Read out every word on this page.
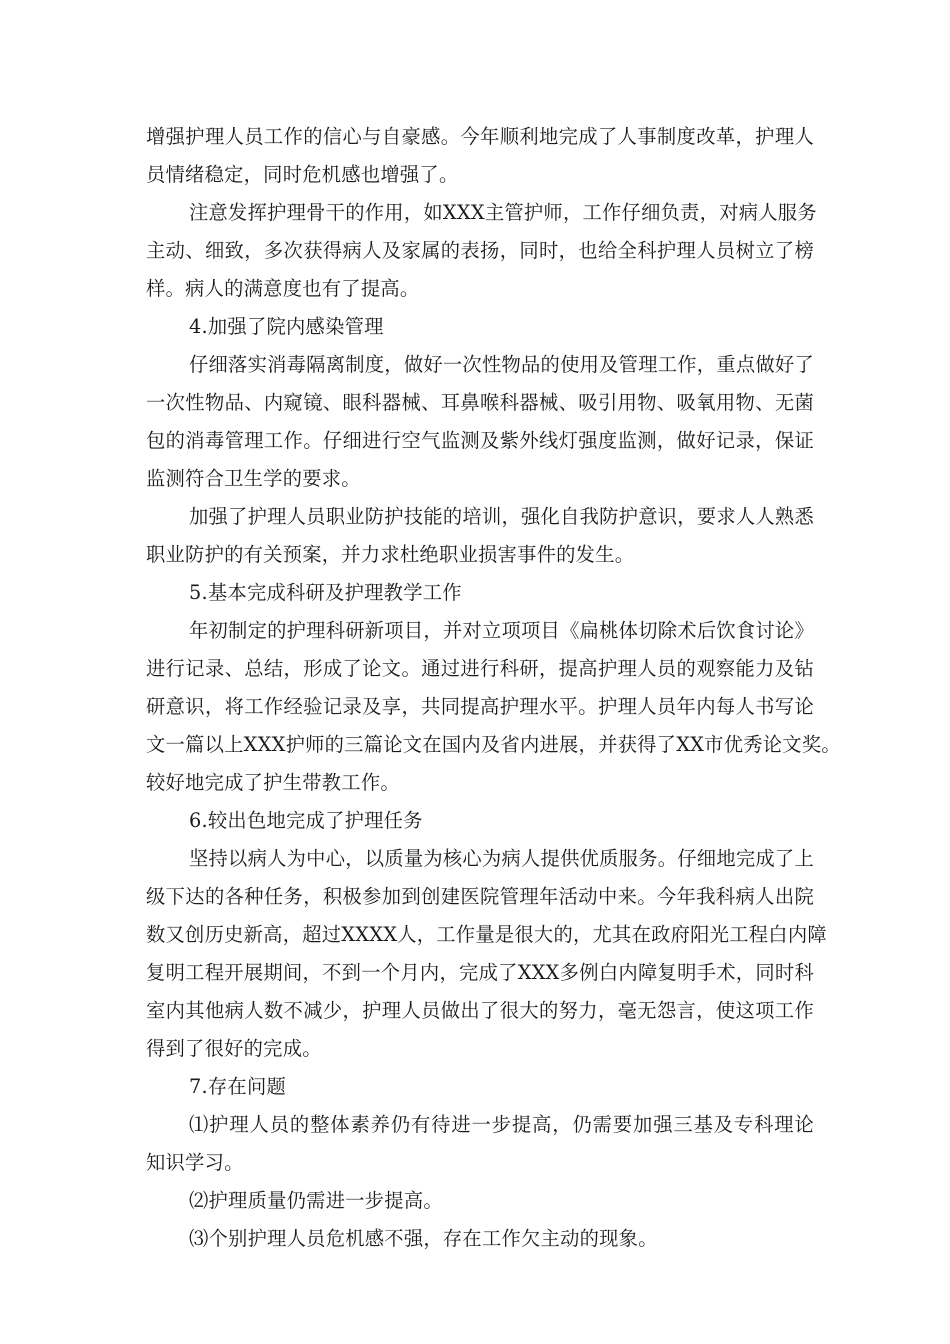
增强护理人员工作的信心与自豪感。今年顺利地完成了人事制度改革，护理人
员情绪稳定，同时危机感也增强了。
注意发挥护理骨干的作用，如XXX主管护师，工作仔细负责，对病人服务
主动、细致，多次获得病人及家属的表扬，同时，也给全科护理人员树立了榜
样。病人的满意度也有了提高。
4.加强了院内感染管理
仔细落实消毒隔离制度，做好一次性物品的使用及管理工作，重点做好了
一次性物品、内窥镜、眼科器械、耳鼻喉科器械、吸引用物、吸氧用物、无菌
包的消毒管理工作。仔细进行空气监测及紫外线灯强度监测，做好记录，保证
监测符合卫生学的要求。
加强了护理人员职业防护技能的培训，强化自我防护意识，要求人人熟悉
职业防护的有关预案，并力求杜绝职业损害事件的发生。
5.基本完成科研及护理教学工作
年初制定的护理科研新项目，并对立项项目《扁桃体切除术后饮食讨论》
进行记录、总结，形成了论文。通过进行科研，提高护理人员的观察能力及钻
研意识，将工作经验记录及享，共同提高护理水平。护理人员年内每人书写论
文一篇以上XXX护师的三篇论文在国内及省内进展，并获得了XX市优秀论文奖。
较好地完成了护生带教工作。
6.较出色地完成了护理任务
坚持以病人为中心，以质量为核心为病人提供优质服务。仔细地完成了上
级下达的各种任务，积极参加到创建医院管理年活动中来。今年我科病人出院
数又创历史新高，超过XXXX人，工作量是很大的，尤其在政府阳光工程白内障
复明工程开展期间，不到一个月内，完成了XXX多例白内障复明手术，同时科
室内其他病人数不减少，护理人员做出了很大的努力，毫无怨言，使这项工作
得到了很好的完成。
7.存在问题
⑴护理人员的整体素养仍有待进一步提高，仍需要加强三基及专科理论
知识学习。
⑵护理质量仍需进一步提高。
⑶个别护理人员危机感不强，存在工作欠主动的现象。
